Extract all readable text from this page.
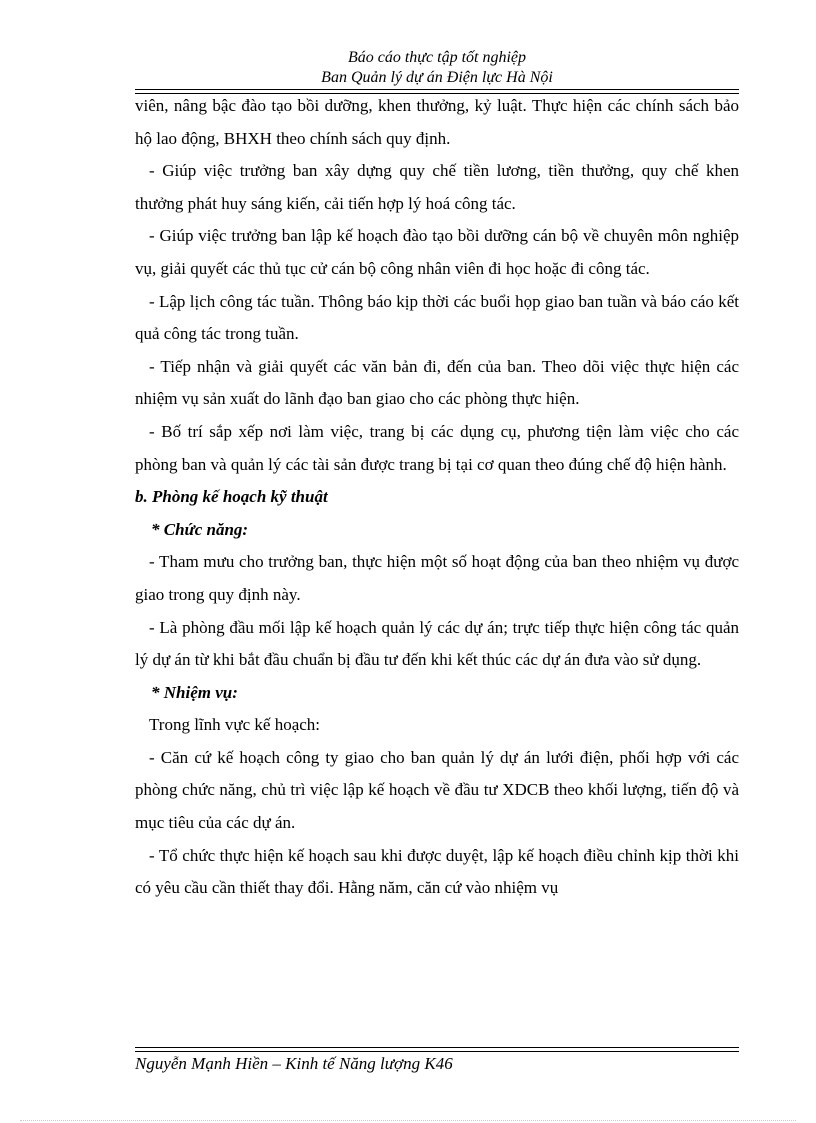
Báo cáo thực tập tốt nghiệp
Ban Quản lý dự án Điện lực Hà Nội

viên, nâng bậc đào tạo bồi dưỡng, khen thưởng, kỷ luật. Thực hiện các chính sách bảo hộ lao động, BHXH theo chính sách quy định.

- Giúp việc trưởng ban xây dựng quy chế tiền lương, tiền thưởng, quy chế khen thưởng phát huy sáng kiến, cải tiến hợp lý hoá công tác.

- Giúp việc trưởng ban lập kế hoạch đào tạo bồi dưỡng cán bộ về chuyên môn nghiệp vụ, giải quyết các thủ tục cử cán bộ công nhân viên đi học hoặc đi công tác.

- Lập lịch công tác tuần. Thông báo kịp thời các buổi họp giao ban tuần và báo cáo kết quả công tác trong tuần.

- Tiếp nhận và giải quyết các văn bản đi, đến của ban. Theo dõi việc thực hiện các nhiệm vụ sản xuất do lãnh đạo ban giao cho các phòng thực hiện.

- Bố trí sắp xếp nơi làm việc, trang bị các dụng cụ, phương tiện làm việc cho các phòng ban và quản lý các tài sản được trang bị tại cơ quan theo đúng chế độ hiện hành.

b. Phòng kế hoạch kỹ thuật

* Chức năng:

- Tham mưu cho trưởng ban, thực hiện một số hoạt động của ban theo nhiệm vụ được giao trong quy định này.

- Là phòng đầu mối lập kế hoạch quản lý các dự án; trực tiếp thực hiện công tác quản lý dự án từ khi bắt đầu chuẩn bị đầu tư đến khi kết thúc các dự án đưa vào sử dụng.

* Nhiệm vụ:

Trong lĩnh vực kế hoạch:

- Căn cứ kế hoạch công ty giao cho ban quản lý dự án lưới điện, phối hợp với các phòng chức năng, chủ trì việc lập kế hoạch về đầu tư XDCB theo khối lượng, tiến độ và mục tiêu của các dự án.

- Tổ chức thực hiện kế hoạch sau khi được duyệt, lập kế hoạch điều chỉnh kịp thời khi có yêu cầu cần thiết thay đổi. Hằng năm, căn cứ vào nhiệm vụ

Nguyễn Mạnh Hiền – Kinh tế Năng lượng K46
